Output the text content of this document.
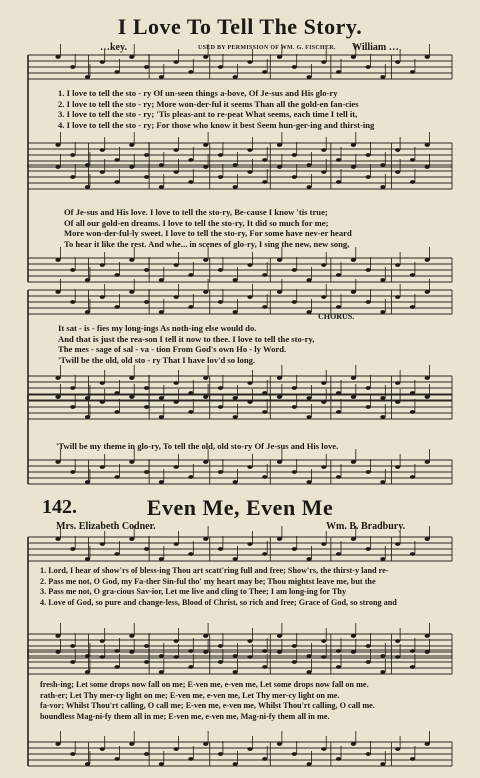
I Love To Tell The Story.
…key.	USED BY PERMISSION OF WM. G. FISCHER. William …
1. I love to tell the sto - ry Of un-seen things a-bove, Of Je-sus and His glo-ry
2. I love to tell the sto - ry; More won-der-ful it seems Than all the gold-en fan-cies
3. I love to tell the sto - ry; 'Tis pleas-ant to re-peat What seems, each time I tell it,
4. I love to tell the sto - ry; For those who know it best Seem hun-ger-ing and thirst-ing
Of Je-sus and His love. I love to tell the sto-ry, Be-cause I know 'tis true;
Of all our gold-en dreams. I love to tell the sto-ry, It did so much for me;
More won-der-ful-ly sweet. I love to tell the sto-ry, For some have nev-er heard
To hear it like the rest. And whe... in scenes of glo-ry, I sing the new, new song,
CHORUS.
It sat - is - fies my long-ings As noth-ing else would do.
And that is just the rea-son I tell it now to thee. I love to tell the sto-ry,
The mes - sage of sal - va - tion From God's own Ho - ly Word.
'Twill be the old, old sto - ry That I have lov'd so long.
'Twill be my theme in glo-ry, To tell the old, old sto-ry Of Je-sus and His love.
142.	Even Me, Even Me
Mrs. Elizabeth Codner.	Wm. B. Bradbury.
1. Lord, I hear of show'rs of bless-ing Thou art scatt'ring full and free; Show'rs, the thirst-y land re-
2. Pass me not, O God, my Fa-ther Sin-ful tho' my heart may be; Thou mightst leave me, but the
3. Pass me not, O gra-cious Sav-ior, Let me live and cling to Thee; I am long-ing for Thy
4. Love of God, so pure and change-less, Blood of Christ, so rich and free; Grace of God, so strong and
fresh-ing; Let some drops now fall on me; E-ven me, e-ven me, Let some drops now fall on me.
rath-er; Let Thy mer-cy light on me; E-ven me, e-ven me, Let Thy mer-cy light on me.
fa-vor; Whilst Thou'rt calling, O call me; E-ven me, e-ven me, Whilst Thou'rt calling, O call me.
boundless Mag-ni-fy them all in me; E-ven me, e-ven me, Mag-ni-fy them all in me.
